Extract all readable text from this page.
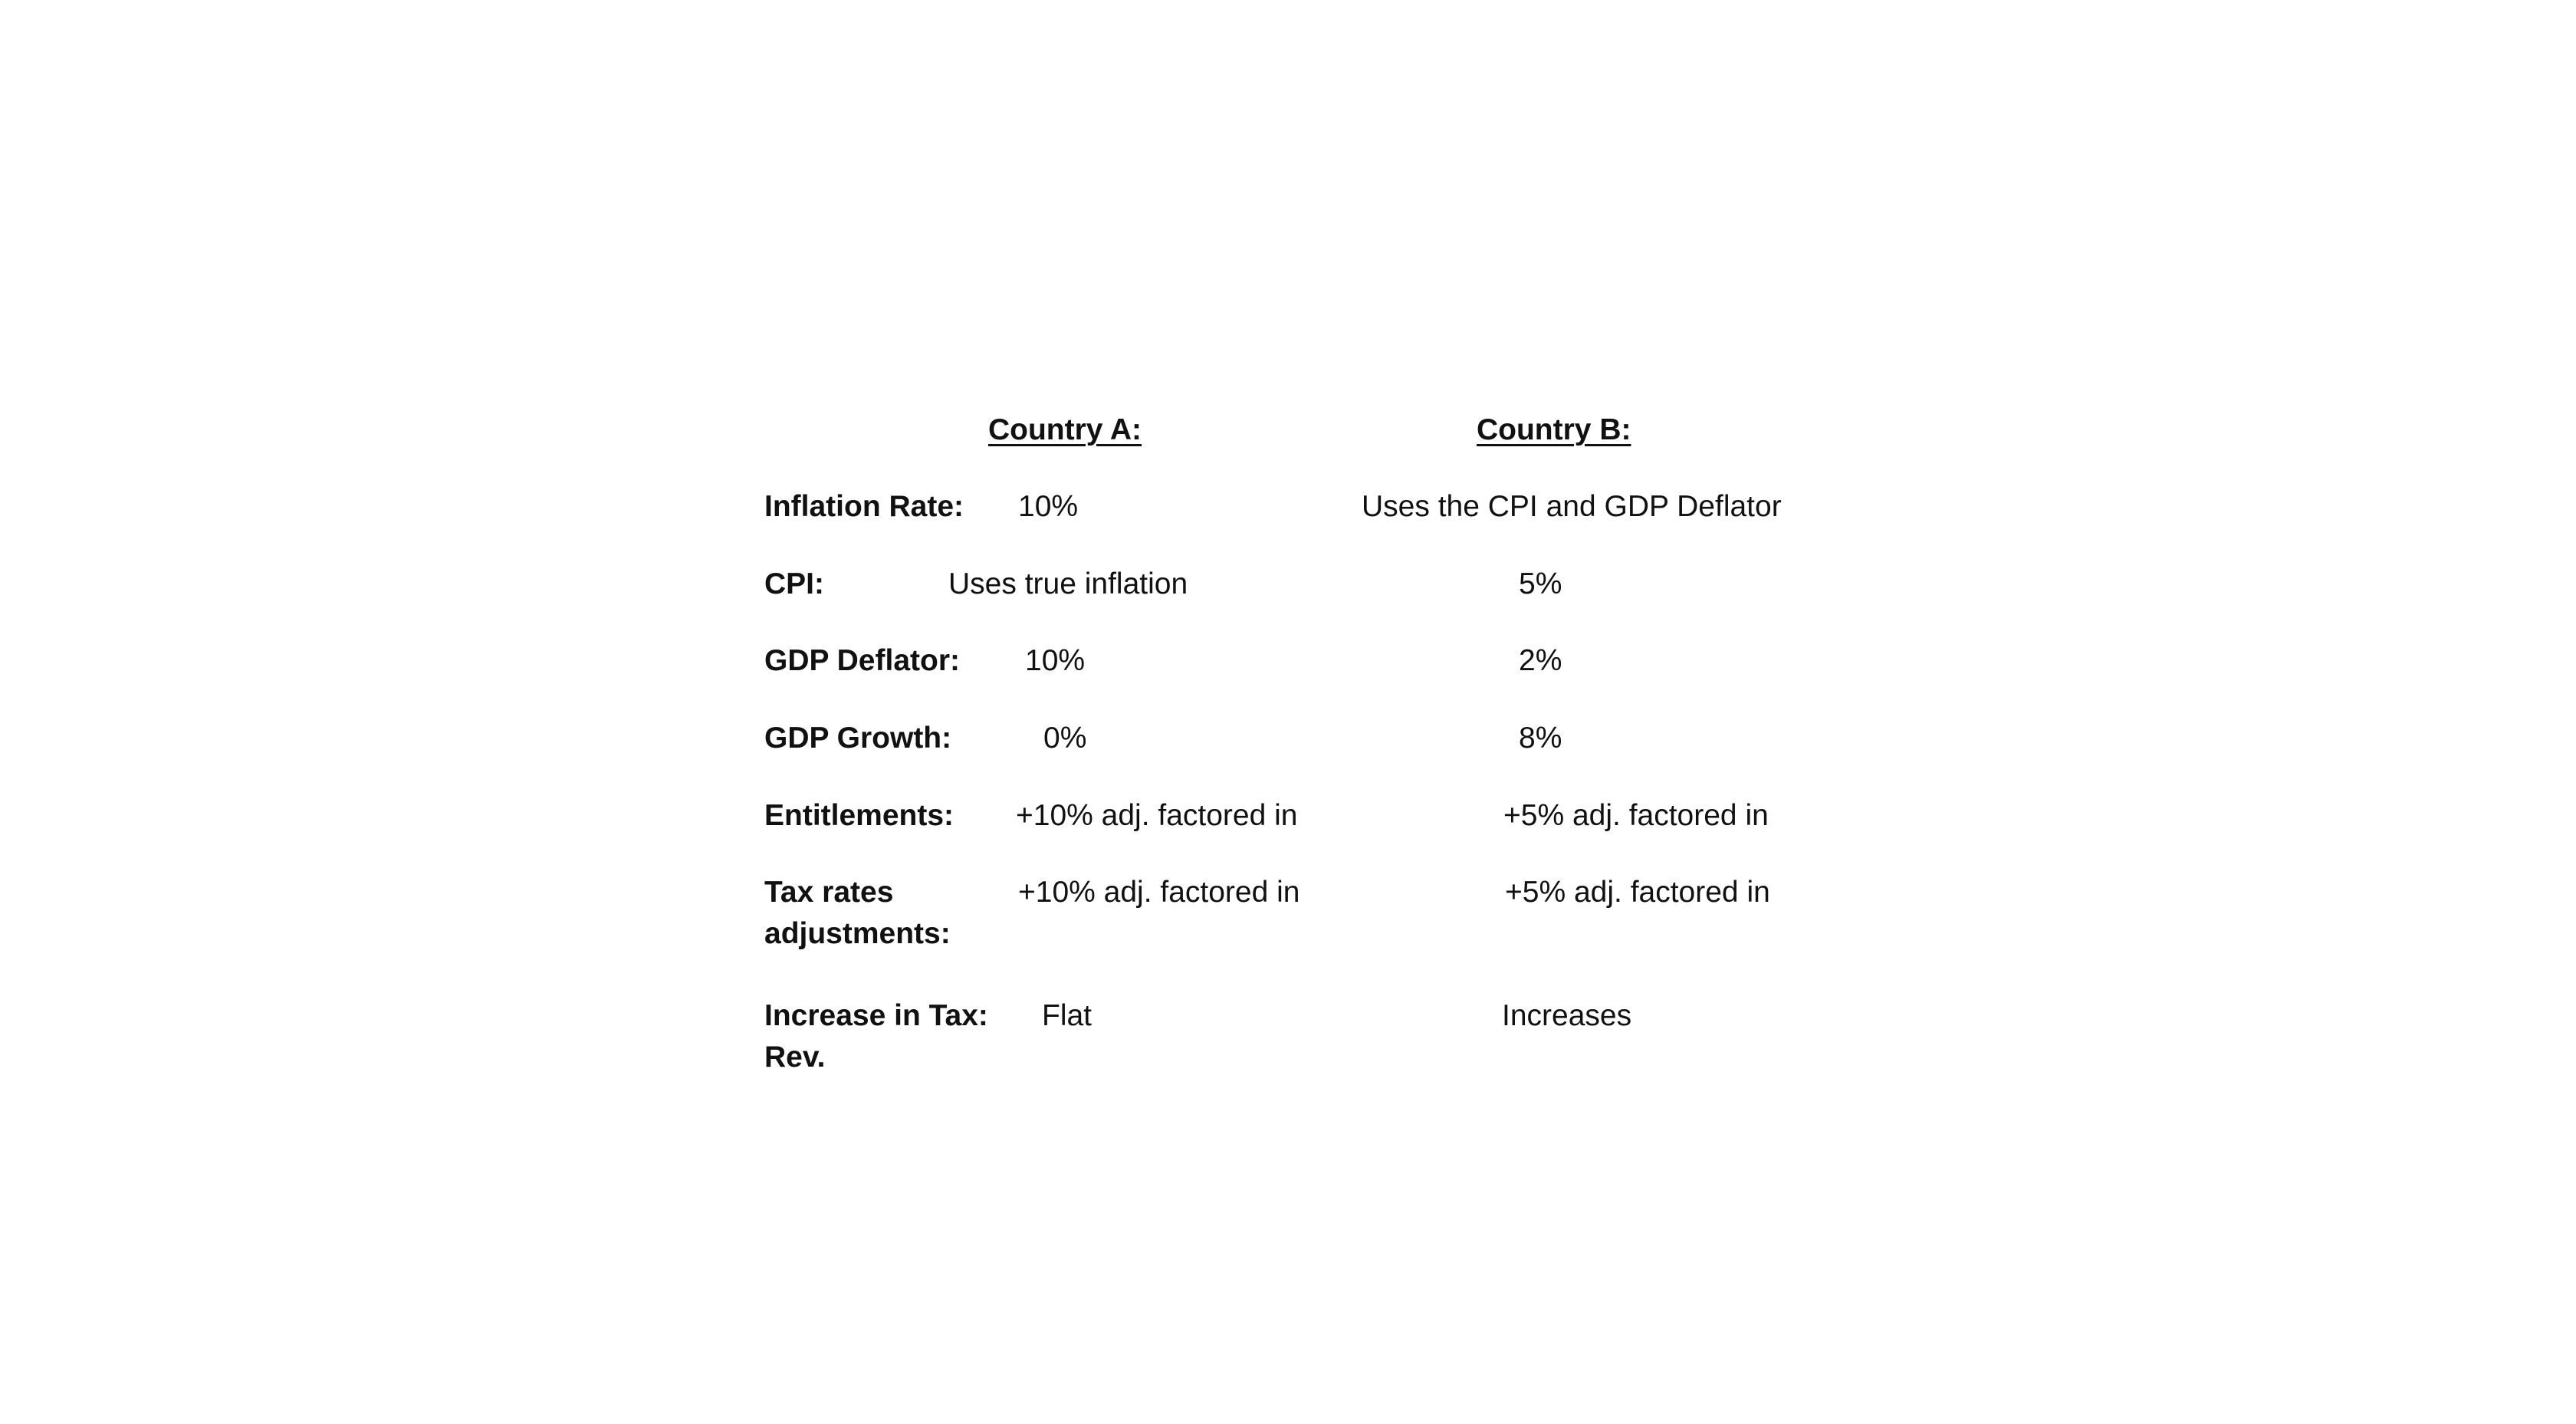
Country A:	Country B:
Inflation Rate: 10%	Uses the CPI and GDP Deflator
CPI:	Uses true inflation	5%
GDP Deflator: 10%	2%
GDP Growth:	0%	8%
Entitlements: +10% adj. factored in	+5% adj. factored in
Tax rates
adjustments:
+10% adj. factored in	+5% adj. factored in
Increase in Tax:
Rev.
Flat	Increases
